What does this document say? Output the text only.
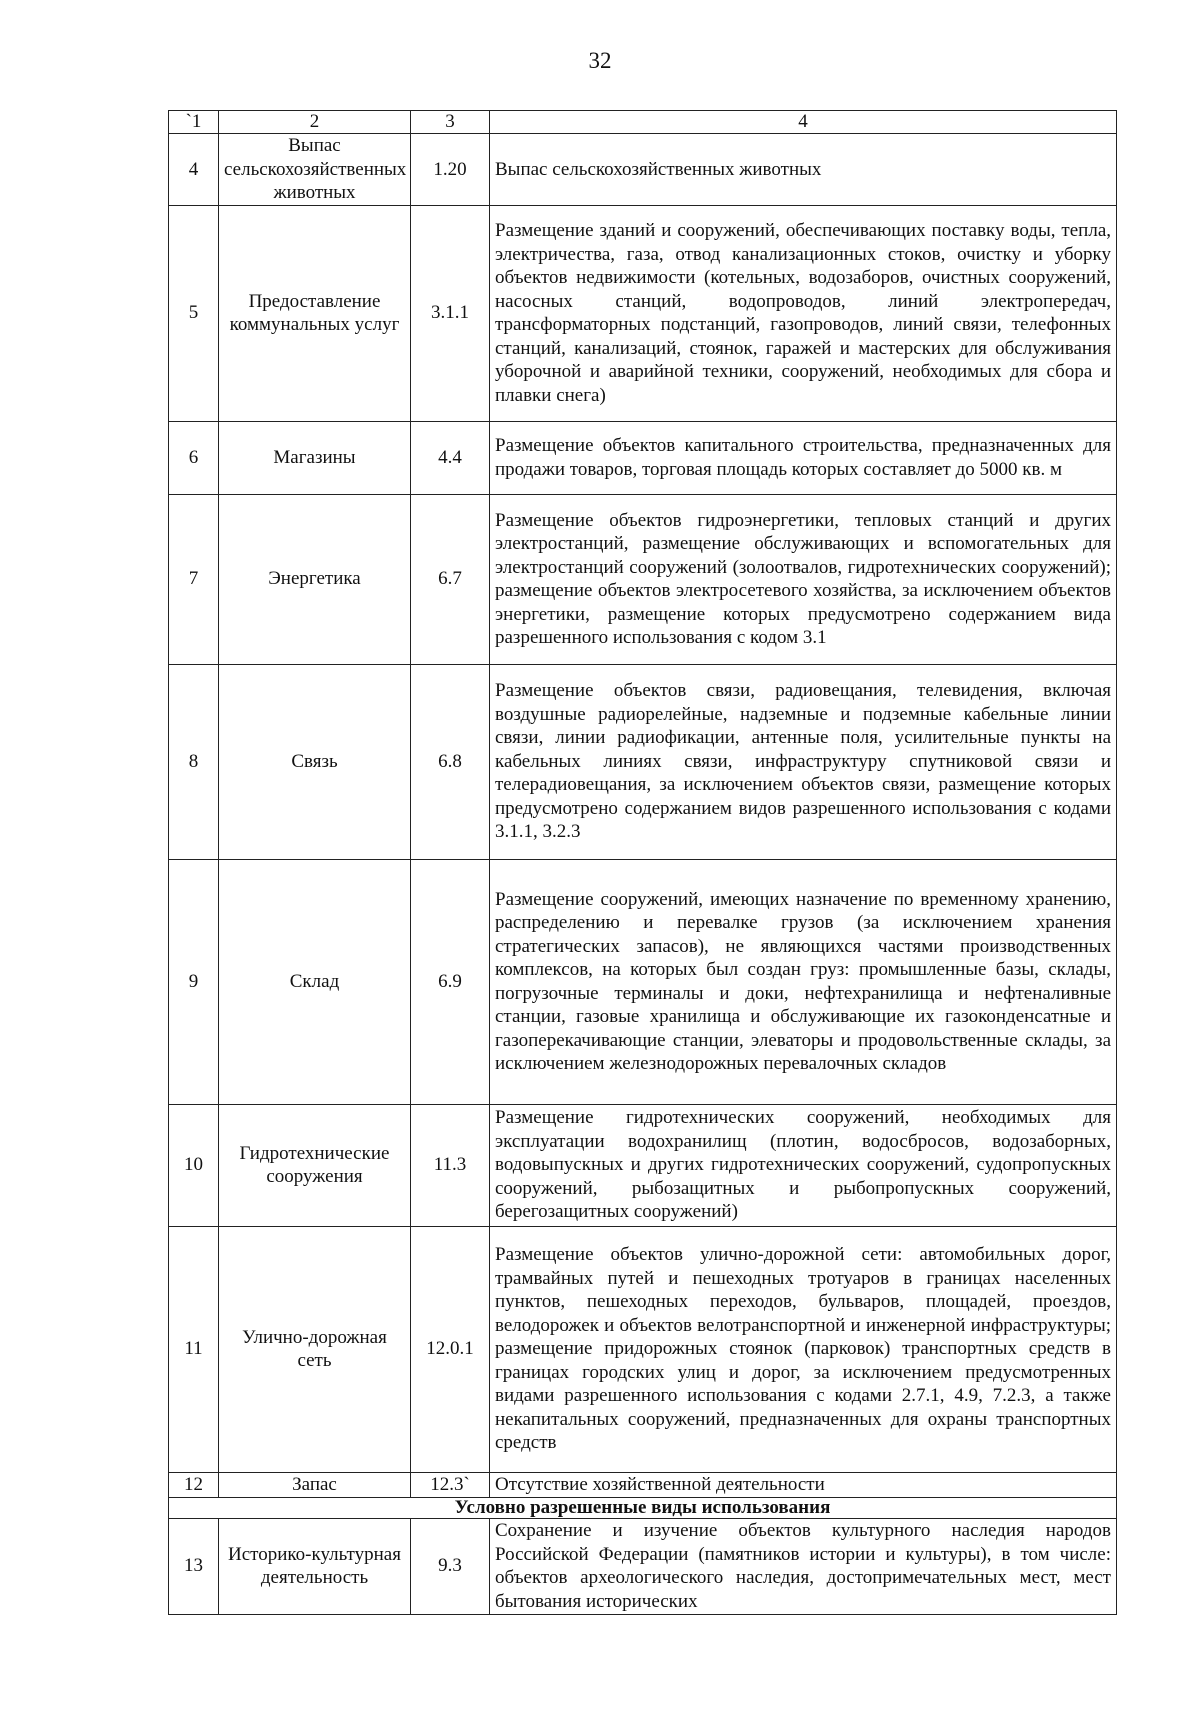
32
`1	2	3	4
4	Выпас сельскохозяйственных животных	1.20	Выпас сельскохозяйственных животных
5	Предоставление коммунальных услуг	3.1.1	Размещение зданий и сооружений, обеспечивающих поставку воды, тепла, электричества, газа, отвод канализационных стоков, очистку и уборку объектов недвижимости (котельных, водозаборов, очистных сооружений, насосных станций, водопроводов, линий электропередач, трансформаторных подстанций, газопроводов, линий связи, телефонных станций, канализаций, стоянок, гаражей и мастерских для обслуживания уборочной и аварийной техники, сооружений, необходимых для сбора и плавки снега)
6	Магазины	4.4	Размещение объектов капитального строительства, предназначенных для продажи товаров, торговая площадь которых составляет до 5000 кв. м
7	Энергетика	6.7	Размещение объектов гидроэнергетики, тепловых станций и других электростанций, размещение обслуживающих и вспомогательных для электростанций сооружений (золоотвалов, гидротехнических сооружений); размещение объектов электросетевого хозяйства, за исключением объектов энергетики, размещение которых предусмотрено содержанием вида разрешенного использования с кодом 3.1
8	Связь	6.8	Размещение объектов связи, радиовещания, телевидения, включая воздушные радиорелейные, надземные и подземные кабельные линии связи, линии радиофикации, антенные поля, усилительные пункты на кабельных линиях связи, инфраструктуру спутниковой связи и телерадиовещания, за исключением объектов связи, размещение которых предусмотрено содержанием видов разрешенного использования с кодами 3.1.1, 3.2.3
9	Склад	6.9	Размещение сооружений, имеющих назначение по временному хранению, распределению и перевалке грузов (за исключением хранения стратегических запасов), не являющихся частями производственных комплексов, на которых был создан груз: промышленные базы, склады, погрузочные терминалы и доки, нефтехранилища и нефтеналивные станции, газовые хранилища и обслуживающие их газоконденсатные и газоперекачивающие станции, элеваторы и продовольственные склады, за исключением железнодорожных перевалочных складов
10	Гидротехнические сооружения	11.3	Размещение гидротехнических сооружений, необходимых для эксплуатации водохранилищ (плотин, водосбросов, водозаборных, водовыпускных и других гидротехнических сооружений, судопропускных сооружений, рыбозащитных и рыбопропускных сооружений, берегозащитных сооружений)
11	Улично-дорожная сеть	12.0.1	Размещение объектов улично-дорожной сети: автомобильных дорог, трамвайных путей и пешеходных тротуаров в границах населенных пунктов, пешеходных переходов, бульваров, площадей, проездов, велодорожек и объектов велотранспортной и инженерной инфраструктуры; размещение придорожных стоянок (парковок) транспортных средств в границах городских улиц и дорог, за исключением предусмотренных видами разрешенного использования с кодами 2.7.1, 4.9, 7.2.3, а также некапитальных сооружений, предназначенных для охраны транспортных средств
12	Запас	12.3`	Отсутствие хозяйственной деятельности
Условно разрешенные виды использования			
13	Историко-культурная деятельность	9.3	Сохранение и изучение объектов культурного наследия народов Российской Федерации (памятников истории и культуры), в том числе: объектов археологического наследия, достопримечательных мест, мест бытования исторических
